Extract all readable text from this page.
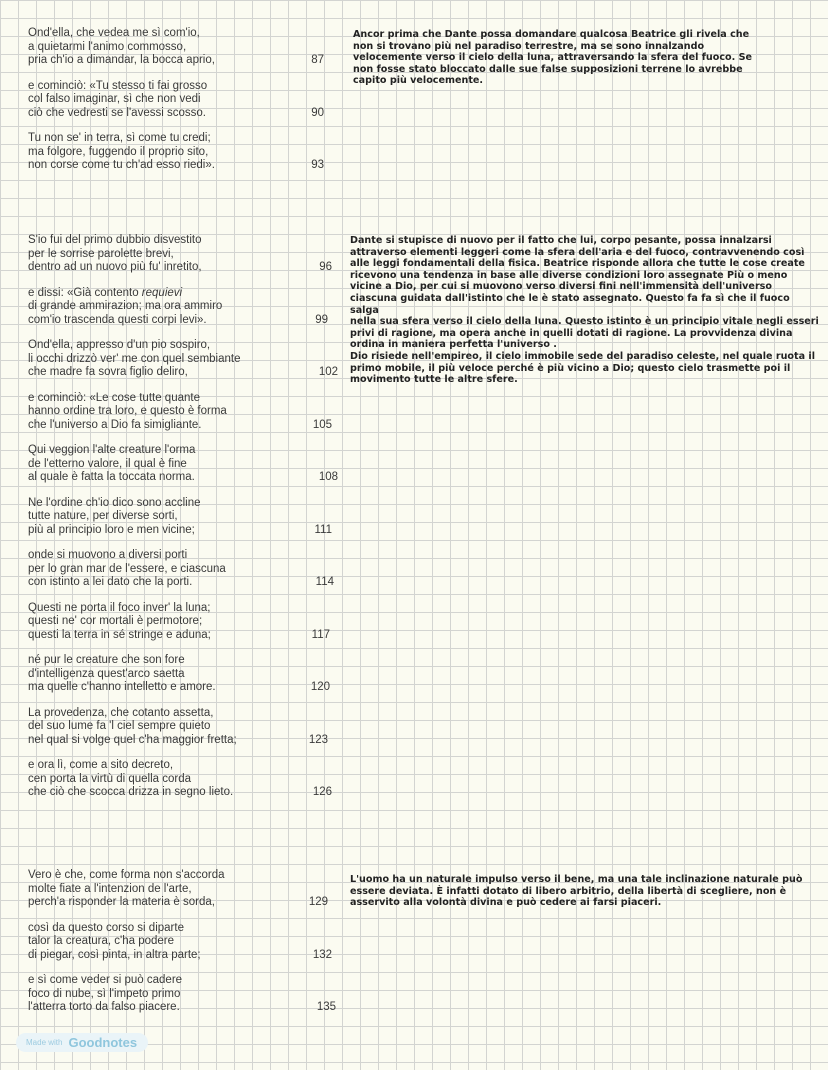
Ond'ella, che vedea me sì com'io,
a quietarmi l'animo commosso,
pria ch'io a dimandar, la bocca aprio,	87
e cominciò: «Tu stesso ti fai grosso
col falso imaginar, sì che non vedi
ciò che vedresti se l'avessi scosso.	90
Tu non se' in terra, sì come tu credi;
ma folgore, fuggendo il proprio sito,
non corse come tu ch'ad esso riedi».	93
Ancor prima che Dante possa domandare qualcosa Beatrice gli rivela che
non si trovano più nel paradiso terrestre, ma se sono innalzando
velocemente verso il cielo della luna, attraversando la sfera del fuoco. Se
non fosse stato bloccato dalle sue false supposizioni terrene lo avrebbe
capito più velocemente.
S'io fui del primo dubbio disvestito
per le sorrise parolette brevi,
dentro ad un nuovo più fu' inretito,	96
e dissi: «Già contento requievi
di grande ammirazion; ma ora ammiro
com'io trascenda questi corpi levi».	99
Ond'ella, appresso d'un pio sospiro,
li occhi drizzò ver' me con quel sembiante
che madre fa sovra figlio deliro,	102
e cominciò: «Le cose tutte quante
hanno ordine tra loro, e questo è forma
che l'universo a Dio fa simigliante.	105
Qui veggion l'alte creature l'orma
de l'etterno valore, il qual è fine
al quale è fatta la toccata norma.	108
Ne l'ordine ch'io dico sono accline
tutte nature, per diverse sorti,
più al principio loro e men vicine;	111
onde si muovono a diversi porti
per lo gran mar de l'essere, e ciascuna
con istinto a lei dato che la porti.	114
Questi ne porta il foco inver' la luna;
questi ne' cor mortali è permotore;
questi la terra in sé stringe e aduna;	117
né pur le creature che son fore
d'intelligenza quest'arco saetta
ma quelle c'hanno intelletto e amore.	120
La provedenza, che cotanto assetta,
del suo lume fa 'l ciel sempre quieto
nel qual si volge quel c'ha maggior fretta;	123
e ora lì, come a sito decreto,
cen porta la virtù di quella corda
che ciò che scocca drizza in segno lieto.	126
Dante si stupisce di nuovo per il fatto che lui, corpo pesante, possa innalzarsi
attraverso elementi leggeri come la sfera dell'aria e del fuoco, contravvenendo così
alle leggi fondamentali della fisica. Beatrice risponde allora che tutte le cose create
ricevono una tendenza in base alle diverse condizioni loro assegnate Più o meno
vicine a Dio, per cui si muovono verso diversi fini nell'immensità dell'universo
ciascuna guidata dall'istinto che le è stato assegnato. Questo fa fa sì che il fuoco salga
nella sua sfera verso il cielo della luna. Questo istinto è un principio vitale negli esseri
privi di ragione, ma opera anche in quelli dotati di ragione. La provvidenza divina
ordina in maniera perfetta l'universo .
Dio risiede nell'empireo, il cielo immobile sede del paradiso celeste, nel quale ruota il
primo mobile, il più veloce perché è più vicino a Dio; questo cielo trasmette poi il
movimento tutte le altre sfere.
Vero è che, come forma non s'accorda
molte fiate a l'intenzion de l'arte,
perch'a risponder la materia è sorda,	129
così da questo corso si diparte
talor la creatura, c'ha podere
di piegar, così pinta, in altra parte;	132
e sì come veder si può cadere
foco di nube, sì l'impeto primo
l'atterra torto da falso piacere.	135
L'uomo ha un naturale impulso verso il bene, ma una tale inclinazione naturale può
essere deviata. È infatti dotato di libero arbitrio, della libertà di scegliere, non è
asservito alla volontà divina e può cedere ai farsi piaceri.
Made with Goodnotes
